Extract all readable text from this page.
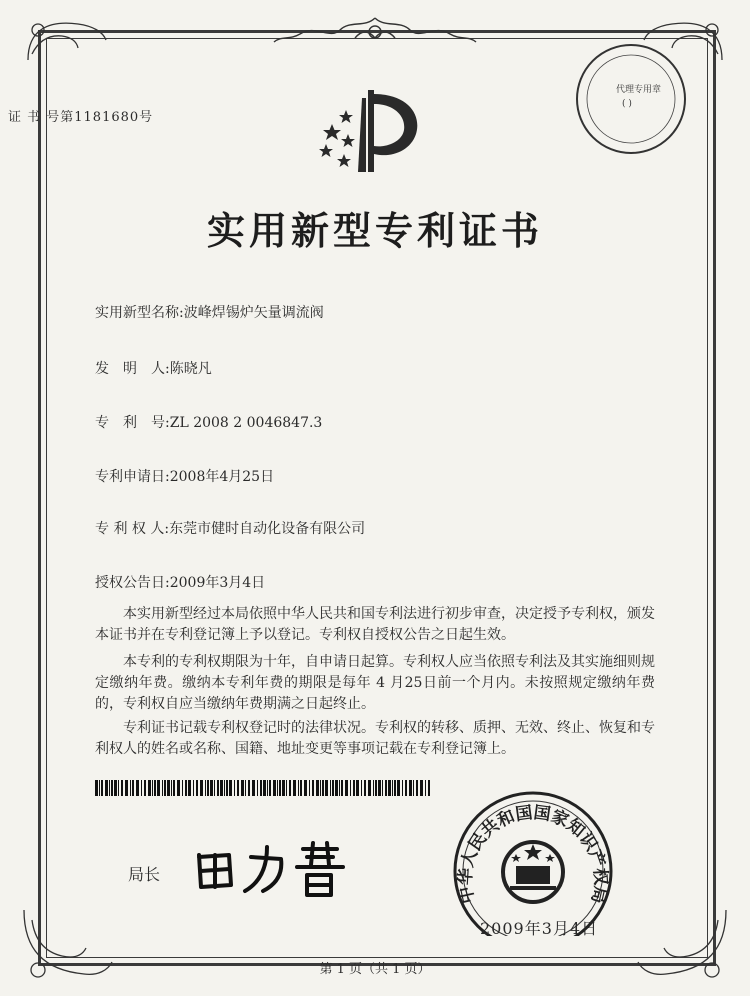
证 书 号第1181680号
代理专用章
( )
实用新型专利证书
实用新型名称:波峰焊锡炉矢量调流阀
发　明　人:陈晓凡
专　利　号:ZL 2008 2 0046847.3
专利申请日:2008年4月25日
专 利 权 人:东莞市健时自动化设备有限公司
授权公告日:2009年3月4日
　　本实用新型经过本局依照中华人民共和国专利法进行初步审查，决定授予专利权，颁发本证书并在专利登记簿上予以登记。专利权自授权公告之日起生效。
　　本专利的专利权期限为十年，自申请日起算。专利权人应当依照专利法及其实施细则规定缴纳年费。缴纳本专利年费的期限是每年 4 月25日前一个月内。未按照规定缴纳年费的，专利权自应当缴纳年费期满之日起终止。
　　专利证书记载专利权登记时的法律状况。专利权的转移、质押、无效、终止、恢复和专利权人的姓名或名称、国籍、地址变更等事项记载在专利登记簿上。
局长
中华人民共和国国家知识产权局
2009年3月4日
第 1 页（共 1 页）
